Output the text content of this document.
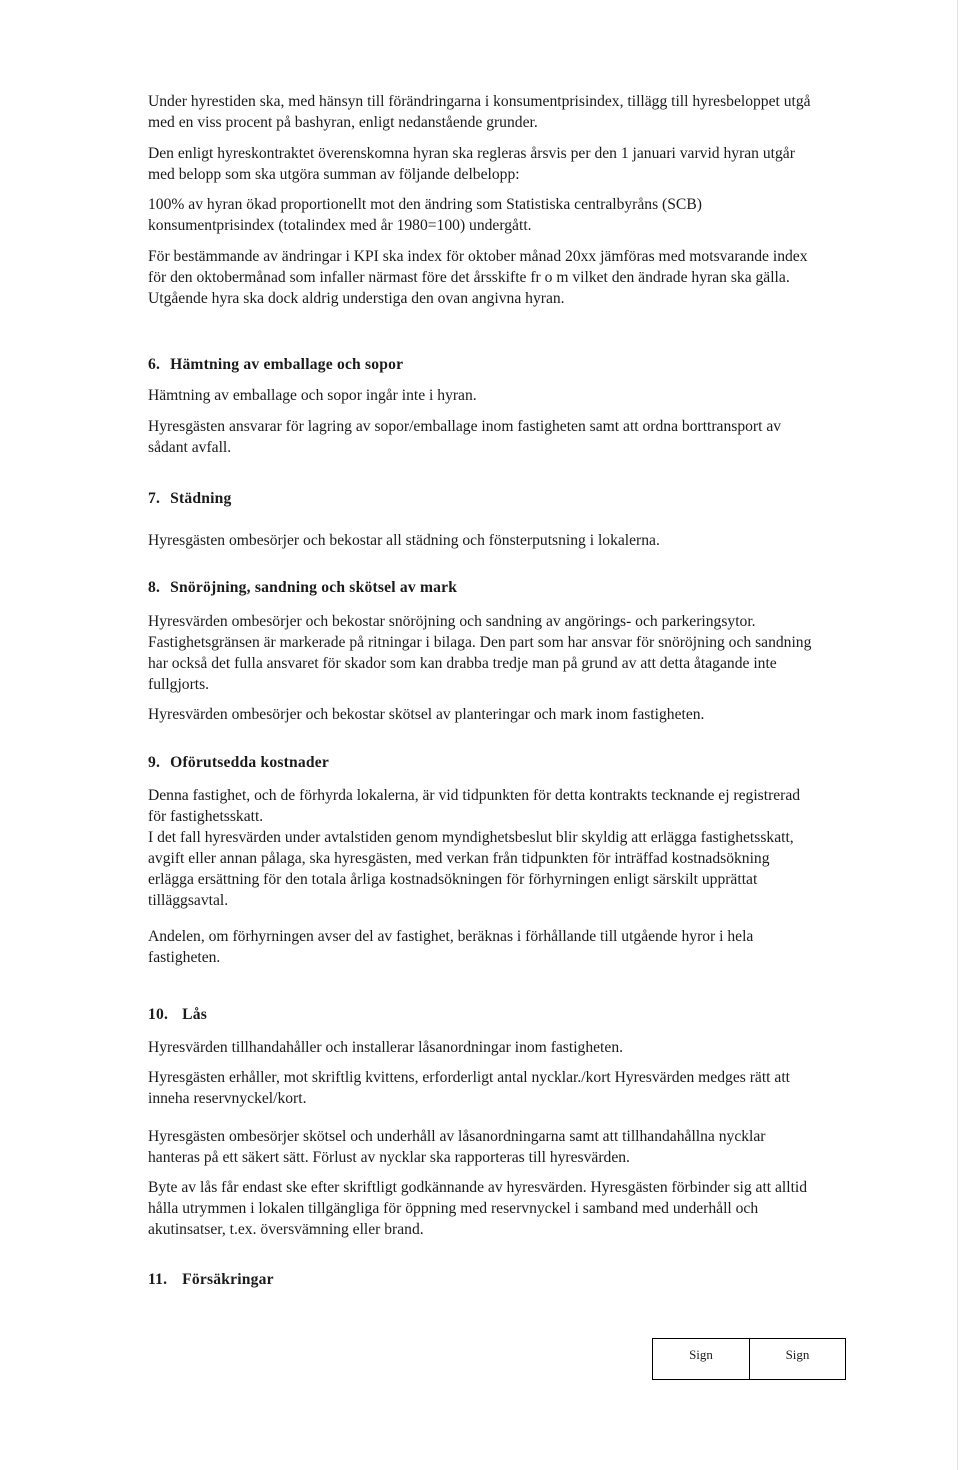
Under hyrestiden ska, med hänsyn till förändringarna i konsumentprisindex, tillägg till hyresbeloppet utgå med en viss procent på bashyran, enligt nedanstående grunder.

Den enligt hyreskontraktet överenskomna hyran ska regleras årsvis per den 1 januari varvid hyran utgår med belopp som ska utgöra summan av följande delbelopp:

100% av hyran ökad proportionellt mot den ändring som Statistiska centralbyråns (SCB) konsumentprisindex (totalindex med år 1980=100) undergått.

För bestämmande av ändringar i KPI ska index för oktober månad 20xx jämföras med motsvarande index för den oktobermånad som infaller närmast före det årsskifte fr o m vilket den ändrade hyran ska gälla. Utgående hyra ska dock aldrig understiga den ovan angivna hyran.

6. Hämtning av emballage och sopor

Hämtning av emballage och sopor ingår inte i hyran.

Hyresgästen ansvarar för lagring av sopor/emballage inom fastigheten samt att ordna borttransport av sådant avfall.

7. Städning

Hyresgästen ombesörjer och bekostar all städning och fönsterputsning i lokalerna.

8. Snöröjning, sandning och skötsel av mark

Hyresvärden ombesörjer och bekostar snöröjning och sandning av angörings- och parkeringsytor. Fastighetsgränsen är markerade på ritningar i bilaga. Den part som har ansvar för snöröjning och sandning har också det fulla ansvaret för skador som kan drabba tredje man på grund av att detta åtagande inte fullgjorts.

Hyresvärden ombesörjer och bekostar skötsel av planteringar och mark inom fastigheten.

9. Oförutsedda kostnader

Denna fastighet, och de förhyrda lokalerna, är vid tidpunkten för detta kontrakts tecknande ej registrerad för fastighetsskatt.

I det fall hyresvärden under avtalstiden genom myndighetsbeslut blir skyldig att erlägga fastighetsskatt, avgift eller annan pålaga, ska hyresgästen, med verkan från tidpunkten för inträffad kostnadsökning erlägga ersättning för den totala årliga kostnadsökningen för förhyrningen enligt särskilt upprättat tilläggsavtal.

Andelen, om förhyrningen avser del av fastighet, beräknas i förhållande till utgående hyror i hela fastigheten.

10. Lås

Hyresvärden tillhandahåller och installerar låsanordningar inom fastigheten.

Hyresgästen erhåller, mot skriftlig kvittens, erforderligt antal nycklar./kort Hyresvärden medges rätt att inneha reservnyckel/kort.

Hyresgästen ombesörjer skötsel och underhåll av låsanordningarna samt att tillhandahållna nycklar hanteras på ett säkert sätt. Förlust av nycklar ska rapporteras till hyresvärden.

Byte av lås får endast ske efter skriftligt godkännande av hyresvärden. Hyresgästen förbinder sig att alltid hålla utrymmen i lokalen tillgängliga för öppning med reservnyckel i samband med underhåll och akutinsatser, t.ex. översvämning eller brand.

11. Försäkringar
Sign	Sign
